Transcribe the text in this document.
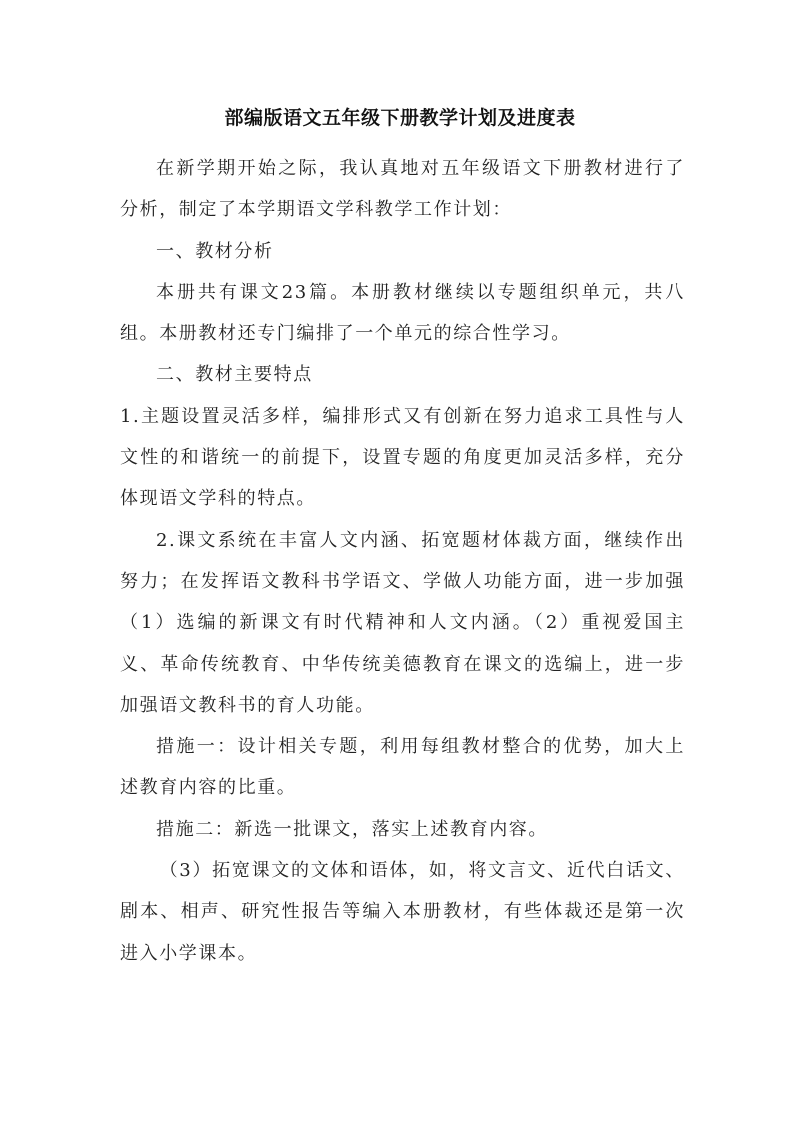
部编版语文五年级下册教学计划及进度表

在新学期开始之际，我认真地对五年级语文下册教材进行了分析，制定了本学期语文学科教学工作计划：

一、教材分析

本册共有课文23篇。本册教材继续以专题组织单元，共八组。本册教材还专门编排了一个单元的综合性学习。

二、教材主要特点

1.主题设置灵活多样，编排形式又有创新在努力追求工具性与人文性的和谐统一的前提下，设置专题的角度更加灵活多样，充分体现语文学科的特点。

2.课文系统在丰富人文内涵、拓宽题材体裁方面，继续作出努力；在发挥语文教科书学语文、学做人功能方面，进一步加强（1）选编的新课文有时代精神和人文内涵。（2）重视爱国主义、革命传统教育、中华传统美德教育在课文的选编上，进一步加强语文教科书的育人功能。

措施一：设计相关专题，利用每组教材整合的优势，加大上述教育内容的比重。

措施二：新选一批课文，落实上述教育内容。

（3）拓宽课文的文体和语体，如，将文言文、近代白话文、剧本、相声、研究性报告等编入本册教材，有些体裁还是第一次进入小学课本。
